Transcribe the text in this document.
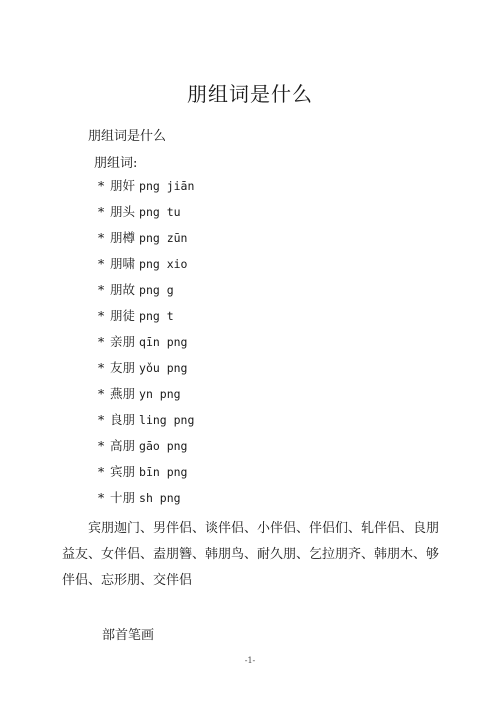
朋组词是什么
朋组词是什么
朋组词:
* 朋奸 png jiān
* 朋头 png tu
* 朋樽 png zūn
* 朋啸 png xio
* 朋故 png g
* 朋徒 png t
* 亲朋 qīn png
* 友朋 yǒu png
* 燕朋 yn png
* 良朋 ling png
* 高朋 gāo png
* 宾朋 bīn png
* 十朋 sh png

宾朋迦门、男伴侣、谈伴侣、小伴侣、伴侣们、轧伴侣、良朋益友、女伴侣、盍朋簪、韩朋鸟、耐久朋、乞拉朋齐、韩朋木、够伴侣、忘形朋、交伴侣

部首笔画
-1-
